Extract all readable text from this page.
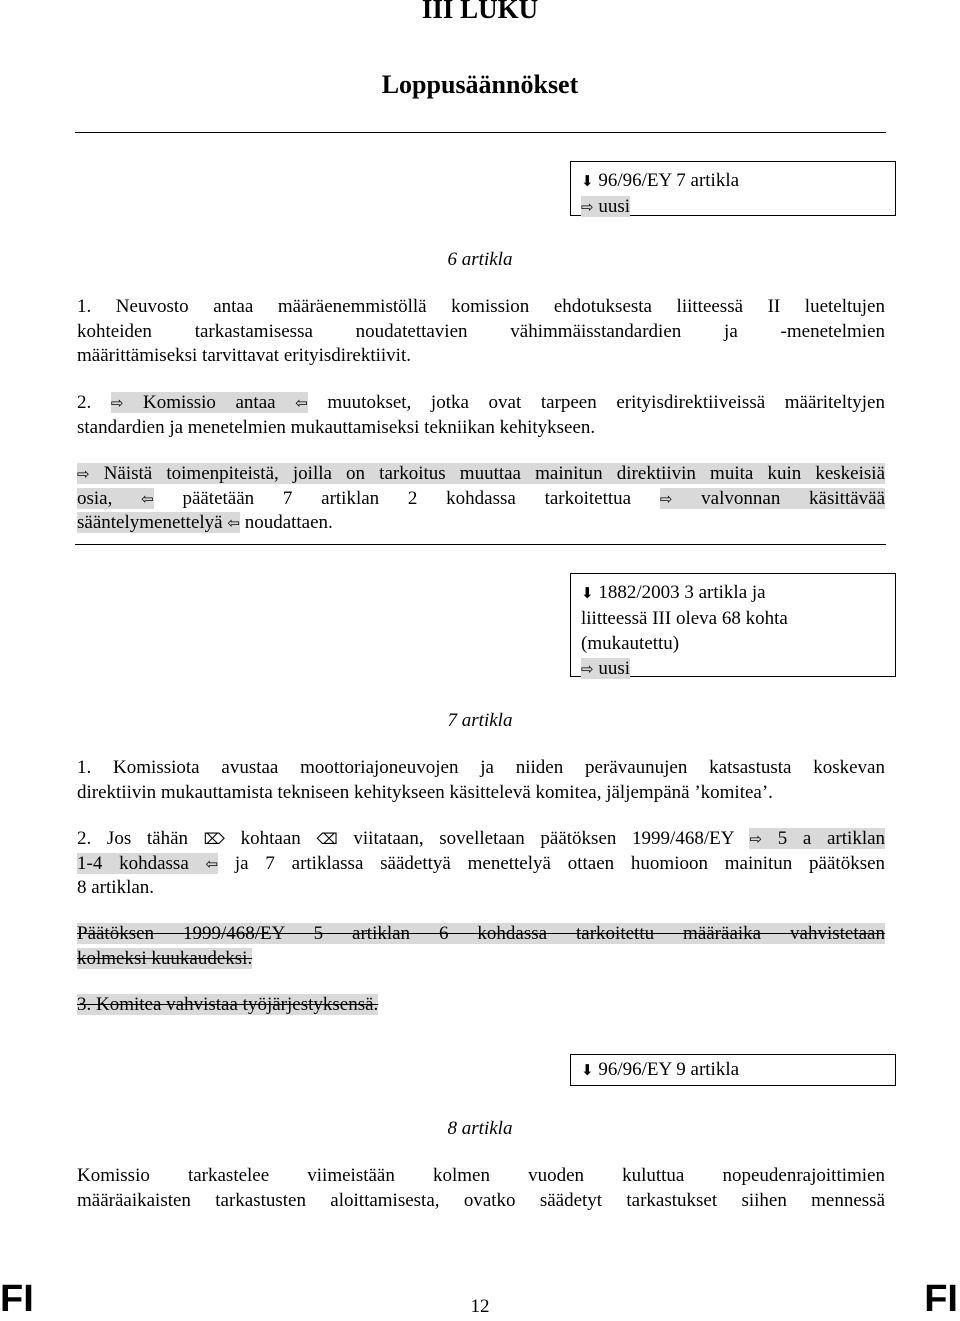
III LUKU
Loppusäännökset
⬇ 96/96/EY 7 artikla
⇨ uusi
6 artikla
1. Neuvosto antaa määräenemmistöllä komission ehdotuksesta liitteessä II lueteltujen
kohteiden tarkastamisessa noudatettavien vähimmäisstandardien ja -menetelmien
määrittämiseksi tarvittavat erityisdirektiivit.
2. ⇨ Komissio antaa ⇦ muutokset, jotka ovat tarpeen erityisdirektiiveissä määriteltyjen
standardien ja menetelmien mukauttamiseksi tekniikan kehitykseen.
⇨ Näistä toimenpiteistä, joilla on tarkoitus muuttaa mainitun direktiivin muita kuin keskeisiä
osia, ⇦ päätetään 7 artiklan 2 kohdassa tarkoitettua ⇨ valvonnan käsittävää
sääntelymenettelyä ⇦ noudattaen.
⬇ 1882/2003 3 artikla ja
liitteessä III oleva 68 kohta
(mukautettu)
⇨ uusi
7 artikla
1. Komissiota avustaa moottoriajoneuvojen ja niiden perävaunujen katsastusta koskevan
direktiivin mukauttamista tekniseen kehitykseen käsittelevä komitea, jäljempänä ’komitea’.
2. Jos tähän ⌦ kohtaan ⌫ viitataan, sovelletaan päätöksen 1999/468/EY ⇨ 5 a artiklan
1-4 kohdassa ⇦ ja 7 artiklassa säädettyä menettelyä ottaen huomioon mainitun päätöksen
8 artiklan.
Päätöksen 1999/468/EY 5 artiklan 6 kohdassa tarkoitettu määräaika vahvistetaan
kolmeksi kuukaudeksi.
3. Komitea vahvistaa työjärjestyksensä.
⬇ 96/96/EY 9 artikla
8 artikla
Komissio tarkastelee viimeistään kolmen vuoden kuluttua nopeudenrajoittimien
määräaikaisten tarkastusten aloittamisesta, ovatko säädetyt tarkastukset siihen mennessä
FI	12	FI
